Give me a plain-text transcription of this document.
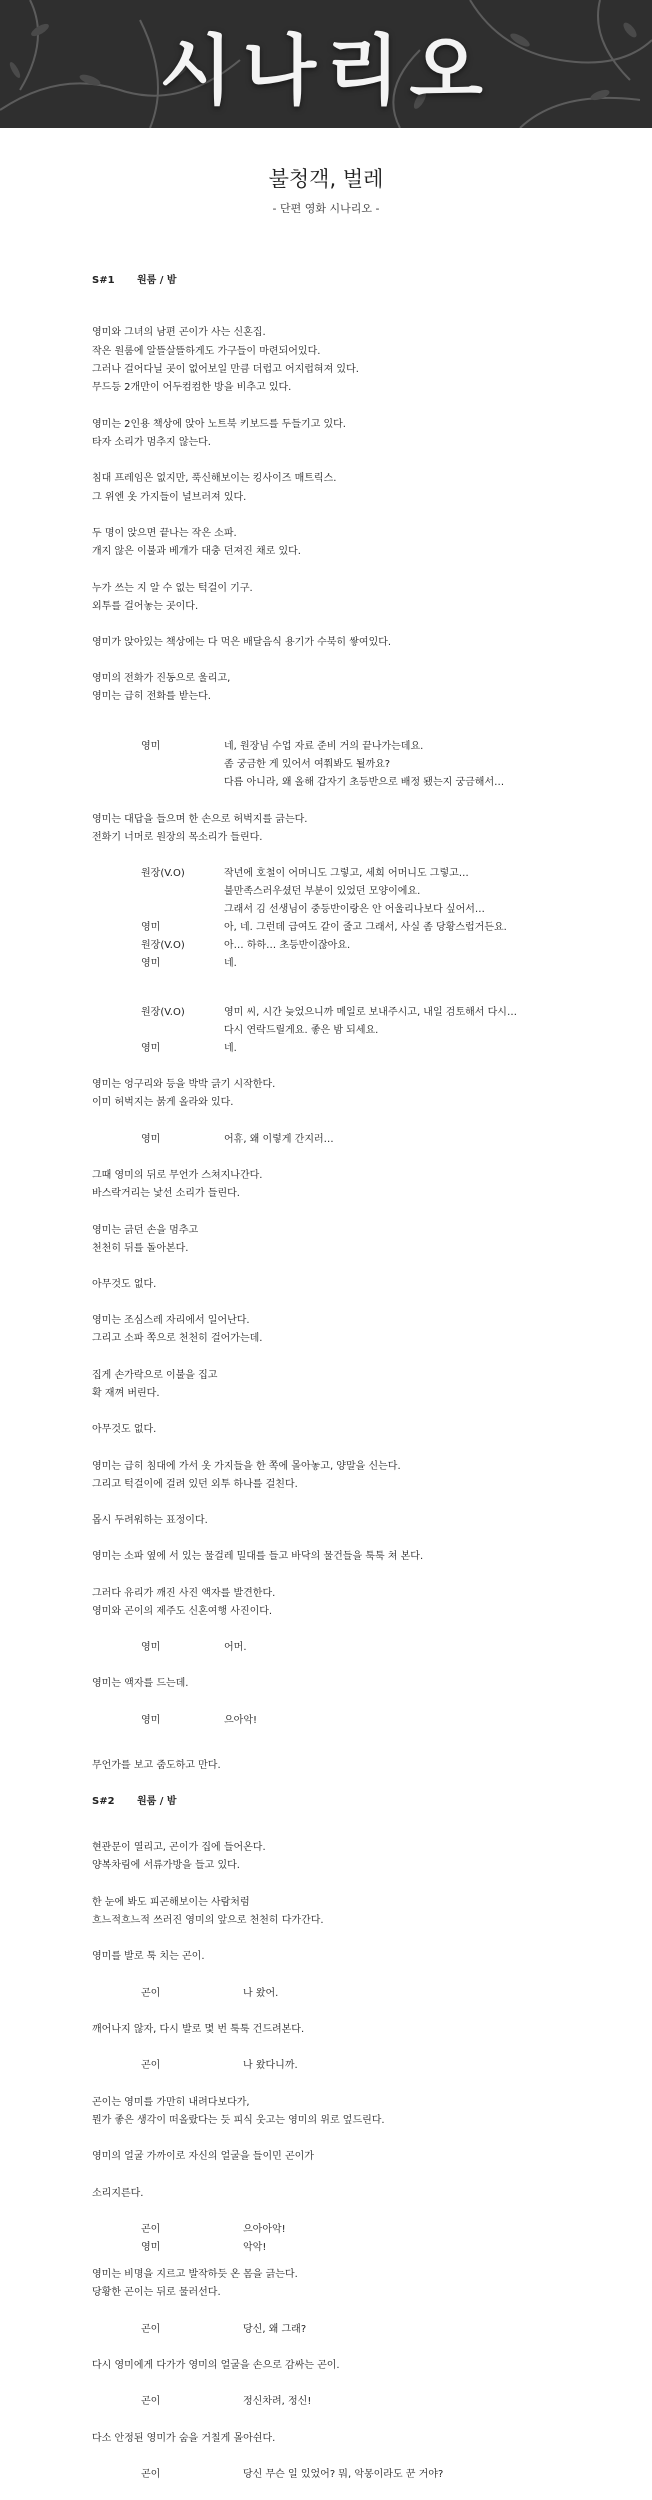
시나리오
불청객, 벌레
- 단편 영화 시나리오 -
S#1 원룸 / 밤
영미와 그녀의 남편 곤이가 사는 신혼집.
작은 원룸에 알뜰살뜰하게도 가구들이 마련되어있다.
그러나 걸어다닐 곳이 없어보일 만큼 더럽고 어지럽혀져 있다.
무드등 2개만이 어두컴컴한 방을 비추고 있다.
영미는 2인용 책상에 앉아 노트북 키보드를 두들기고 있다.
타자 소리가 멈추지 않는다.
침대 프레임은 없지만, 푹신해보이는 킹사이즈 매트릭스.
그 위엔 옷 가지들이 널브러져 있다.
두 명이 앉으면 끝나는 작은 소파.
개지 않은 이불과 베개가 대충 던져진 채로 있다.
누가 쓰는 지 알 수 없는 턱걸이 기구.
외투를 걸어놓는 곳이다.
영미가 앉아있는 책상에는 다 먹은 배달음식 용기가 수북히 쌓여있다.
영미의 전화가 진동으로 울리고,
영미는 급히 전화를 받는다.
영미	네, 원장님 수업 자료 준비 거의 끝나가는데요.
좀 궁금한 게 있어서 여쭤봐도 될까요?
다름 아니라, 왜 올해 갑자기 초등반으로 배정 됐는지 궁금해서…
영미는 대답을 들으며 한 손으로 허벅지를 긁는다.
전화기 너머로 원장의 목소리가 들린다.
원장(V.O)	작년에 호철이 어머니도 그렇고, 세희 어머니도 그렇고…
불만족스러우셨던 부분이 있었던 모양이에요.
그래서 김 선생님이 중등반이랑은 안 어울리나보다 싶어서…
영미	아, 네. 그런데 급여도 같이 줄고 그래서, 사실 좀 당황스럽거든요.
원장(V.O)	아… 하하… 초등반이잖아요.
영미	네.
원장(V.O)	영미 씨, 시간 늦었으니까 메일로 보내주시고, 내일 검토해서 다시…
다시 연락드릴게요. 좋은 밤 되세요.
영미	네.
영미는 엉구리와 등을 박박 긁기 시작한다.
이미 허벅지는 붉게 올라와 있다.
영미	어휴, 왜 이렇게 간지러…
그때 영미의 뒤로 무언가 스쳐지나간다.
바스락거리는 낯선 소리가 들린다.
영미는 긁던 손을 멈추고
천천히 뒤를 돌아본다.
아무것도 없다.
영미는 조심스레 자리에서 일어난다.
그리고 소파 쪽으로 천천히 걸어가는데.
집게 손가락으로 이불을 집고
확 재껴 버린다.
아무것도 없다.
영미는 급히 침대에 가서 옷 가지들을 한 쪽에 몰아놓고, 양말을 신는다.
그리고 턱걸이에 걸려 있던 외투 하나를 걸친다.
몹시 두려워하는 표정이다.
영미는 소파 옆에 서 있는 물걸레 밀대를 들고 바닥의 물건들을 툭툭 쳐 본다.
그러다 유리가 깨진 사진 액자를 발견한다.
영미와 곤이의 제주도 신혼여행 사진이다.
영미	어머.
영미는 액자를 드는데.
영미	으아악!
무언가를 보고 줌도하고 만다.
S#2 원룸 / 밤
현관문이 열리고, 곤이가 집에 들어온다.
양복차림에 서류가방을 들고 있다.
한 눈에 봐도 피곤해보이는 사람처럼
흐느적흐느적 쓰러진 영미의 앞으로 천천히 다가간다.
영미를 발로 툭 치는 곤이.
곤이	나 왔어.
깨어나지 않자, 다시 발로 몇 번 툭툭 건드려본다.
곤이	나 왔다니까.
곤이는 영미를 가만히 내려다보다가,
뭔가 좋은 생각이 떠올랐다는 듯 피식 웃고는 영미의 위로 엎드린다.
영미의 얼굴 가까이로 자신의 얼굴을 들이민 곤이가
소리지른다.
곤이	으아아악!
영미	악악!
영미는 비명을 지르고 발작하듯 온 몸을 긁는다.
당황한 곤이는 뒤로 물러선다.
곤이	당신, 왜 그래?
다시 영미에게 다가가 영미의 얼굴을 손으로 감싸는 곤이.
곤이	정신차려, 정신!
다소 안정된 영미가 숨을 거칠게 몰아쉰다.
곤이	당신 무슨 일 있었어? 뭐, 악몽이라도 꾼 거야?
